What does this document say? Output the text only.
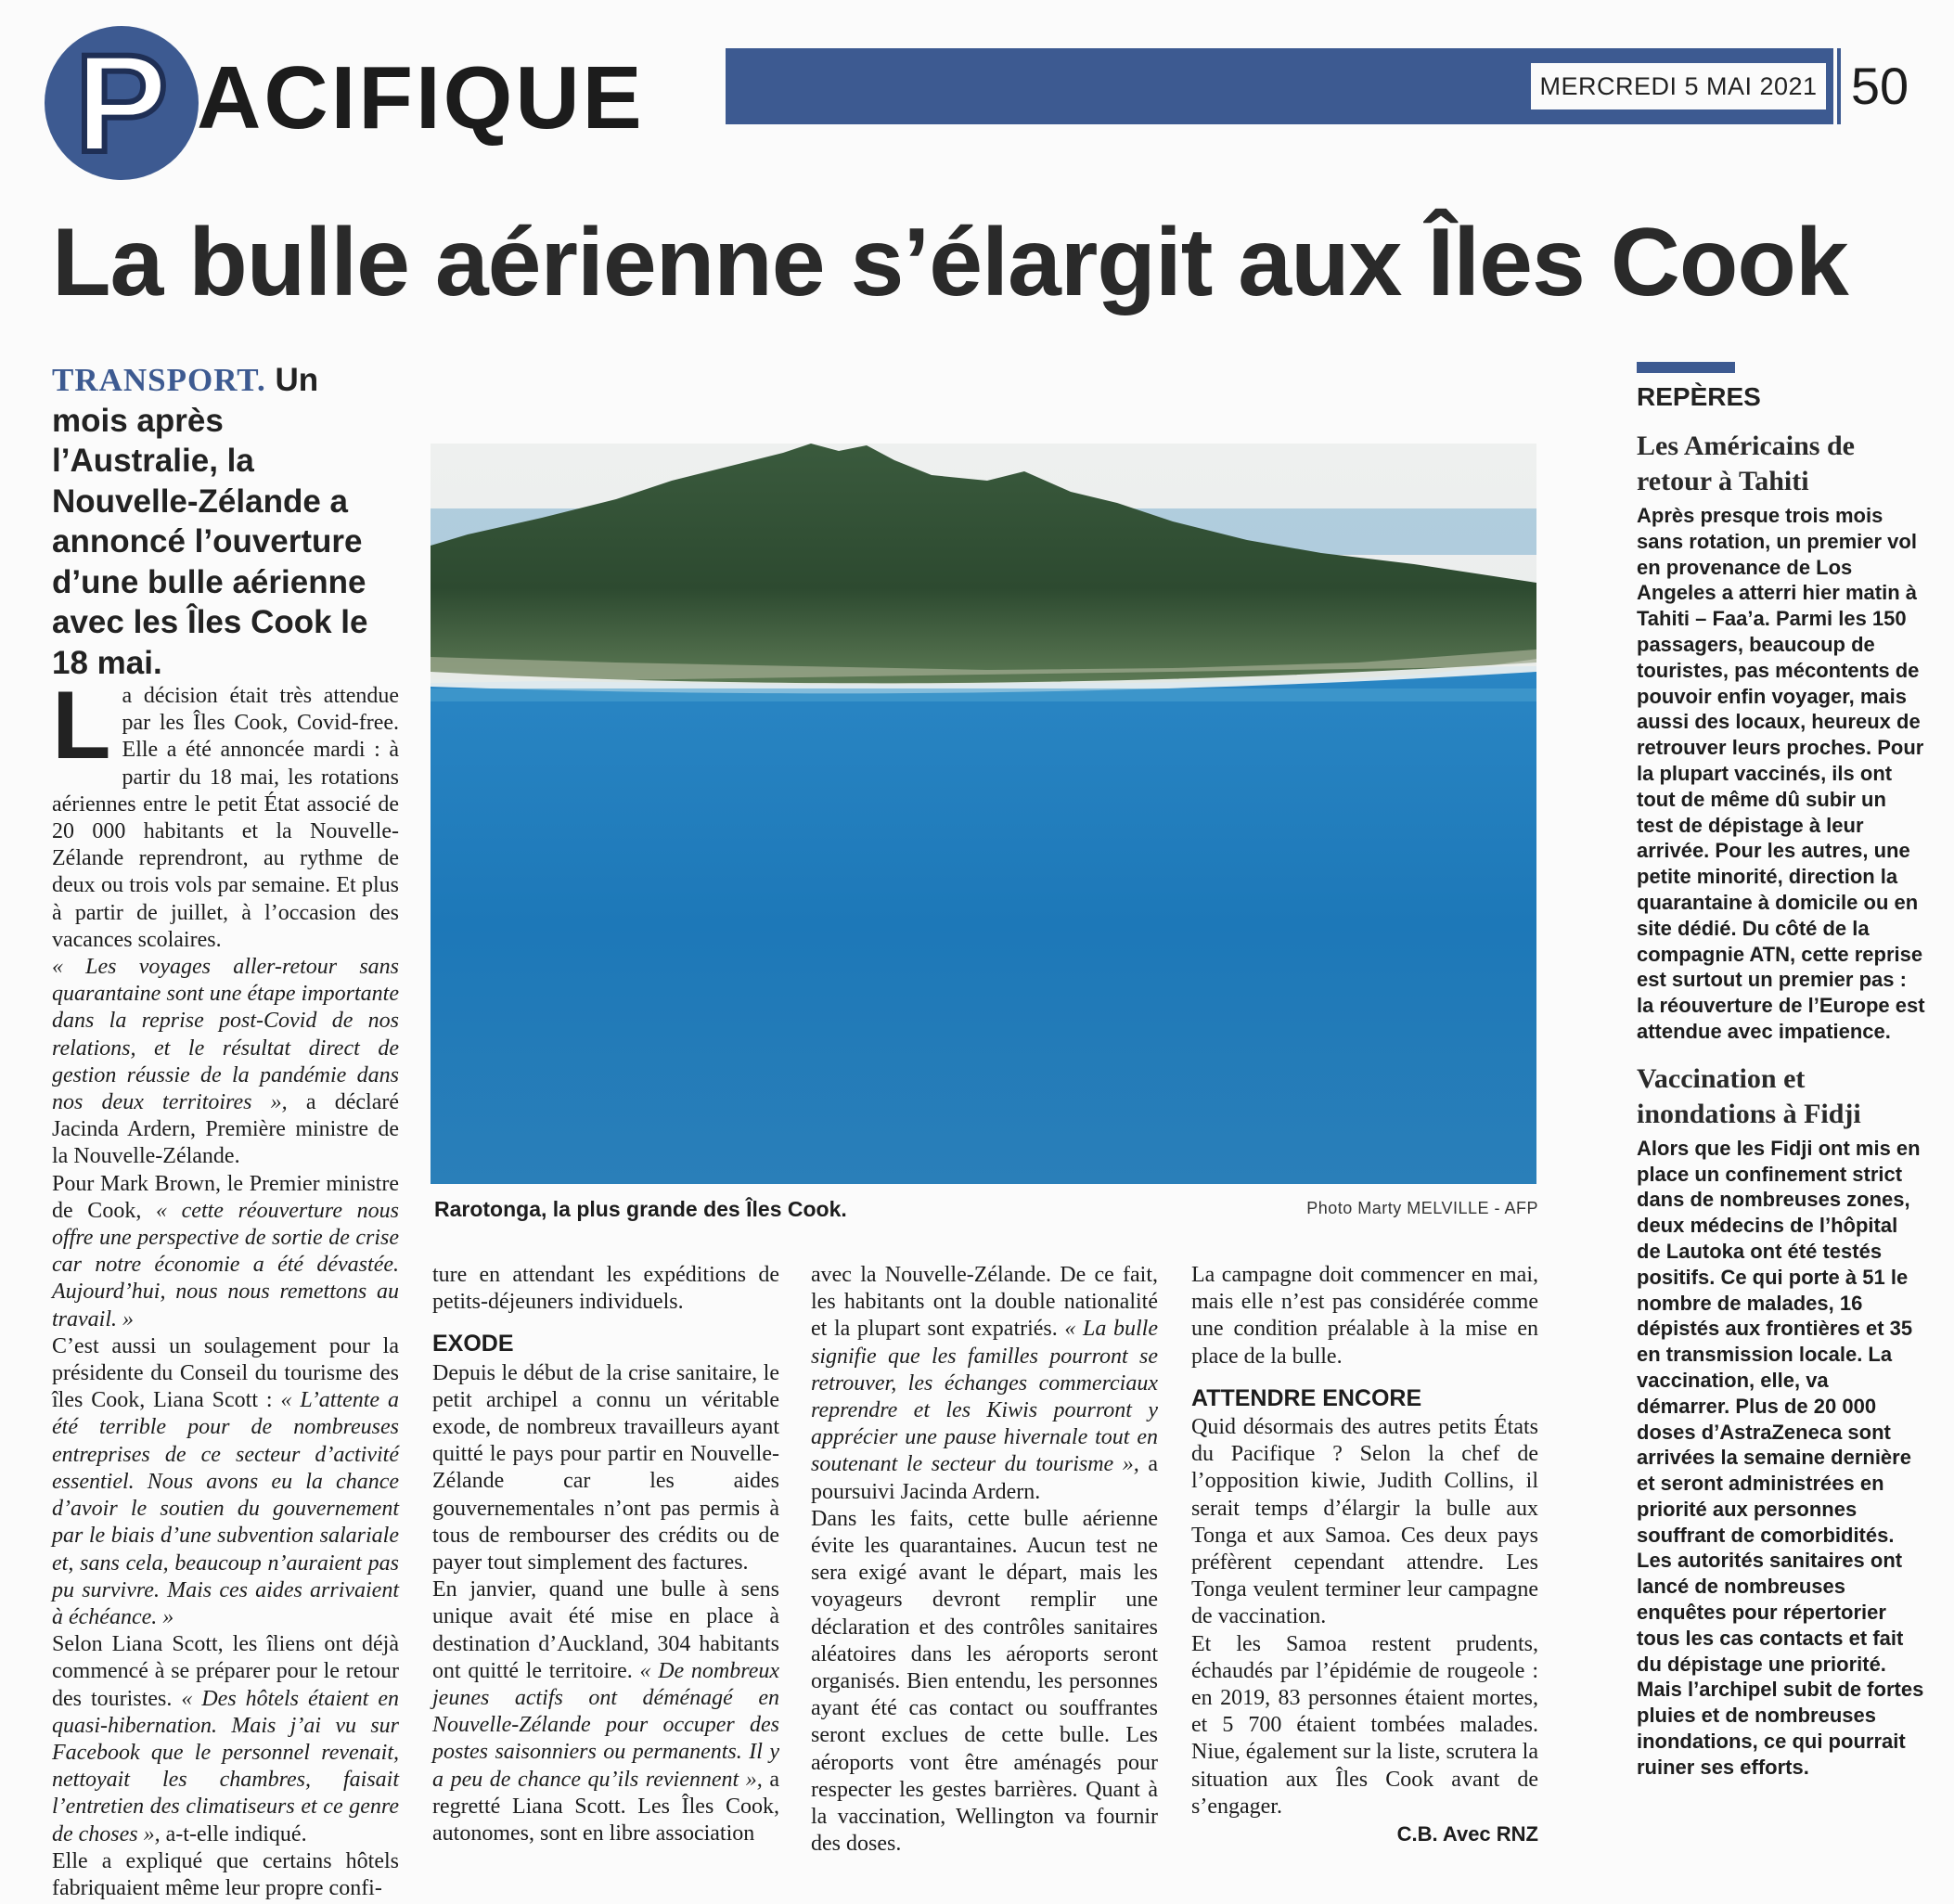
P ACIFIQUE	MERCREDI 5 MAI 2021 50
La bulle aérienne s’élargit aux Îles Cook
TRANSPORT. Un mois après l’Australie, la Nouvelle-Zélande a annoncé l’ouverture d’une bulle aérienne avec les Îles Cook le 18 mai.
Rarotonga, la plus grande des Îles Cook.	Photo Marty MELVILLE - AFP

La décision était très attendue par les Îles Cook, Covid-free. Elle a été annoncée mardi : à partir du 18 mai, les rotations aériennes entre le petit État associé de 20 000 habitants et la Nouvelle-Zélande reprendront, au rythme de deux ou trois vols par semaine. Et plus à partir de juillet, à l’occasion des vacances scolaires.

« Les voyages aller-retour sans quarantaine sont une étape importante dans la reprise post-Covid de nos relations, et le résultat direct de gestion réussie de la pandémie dans nos deux territoires », a déclaré Jacinda Ardern, Première ministre de la Nouvelle-Zélande.

Pour Mark Brown, le Premier ministre de Cook, « cette réouverture nous offre une perspective de sortie de crise car notre économie a été dévastée. Aujourd’hui, nous nous remettons au travail. »

C’est aussi un soulagement pour la présidente du Conseil du tourisme des îles Cook, Liana Scott : « L’attente a été terrible pour de nombreuses entreprises de ce secteur d’activité essentiel. Nous avons eu la chance d’avoir le soutien du gouvernement par le biais d’une subvention salariale et, sans cela, beaucoup n’auraient pas pu survivre. Mais ces aides arrivaient à échéance. »

Selon Liana Scott, les îliens ont déjà commencé à se préparer pour le retour des touristes. « Des hôtels étaient en quasi-hibernation. Mais j’ai vu sur Facebook que le personnel revenait, nettoyait les chambres, faisait l’entretien des climatiseurs et ce genre de choses », a-t-elle indiqué.

Elle a expliqué que certains hôtels fabriquaient même leur propre confi-

ture en attendant les expéditions de petits-déjeuners individuels.

EXODE

Depuis le début de la crise sanitaire, le petit archipel a connu un véritable exode, de nombreux travailleurs ayant quitté le pays pour partir en Nouvelle-Zélande car les aides gouvernementales n’ont pas permis à tous de rembourser des crédits ou de payer tout simplement des factures.

En janvier, quand une bulle à sens unique avait été mise en place à destination d’Auckland, 304 habitants ont quitté le territoire. « De nombreux jeunes actifs ont déménagé en Nouvelle-Zélande pour occuper des postes saisonniers ou permanents. Il y a peu de chance qu’ils reviennent », a regretté Liana Scott. Les Îles Cook, autonomes, sont en libre association

avec la Nouvelle-Zélande. De ce fait, les habitants ont la double nationalité et la plupart sont expatriés. « La bulle signifie que les familles pourront se retrouver, les échanges commerciaux reprendre et les Kiwis pourront y apprécier une pause hivernale tout en soutenant le secteur du tourisme », a poursuivi Jacinda Ardern.

Dans les faits, cette bulle aérienne évite les quarantaines. Aucun test ne sera exigé avant le départ, mais les voyageurs devront remplir une déclaration et des contrôles sanitaires aléatoires dans les aéroports seront organisés. Bien entendu, les personnes ayant été cas contact ou souffrantes seront exclues de cette bulle. Les aéroports vont être aménagés pour respecter les gestes barrières. Quant à la vaccination, Wellington va fournir des doses.

La campagne doit commencer en mai, mais elle n’est pas considérée comme une condition préalable à la mise en place de la bulle.

ATTENDRE ENCORE

Quid désormais des autres petits États du Pacifique ? Selon la chef de l’opposition kiwie, Judith Collins, il serait temps d’élargir la bulle aux Tonga et aux Samoa. Ces deux pays préfèrent cependant attendre. Les Tonga veulent terminer leur campagne de vaccination.

Et les Samoa restent prudents, échaudés par l’épidémie de rougeole : en 2019, 83 personnes étaient mortes, et 5 700 étaient tombées malades. Niue, également sur la liste, scrutera la situation aux Îles Cook avant de s’engager.

C.B. Avec RNZ

REPÈRES
Les Américains de retour à Tahiti

Après presque trois mois sans rotation, un premier vol en provenance de Los Angeles a atterri hier matin à Tahiti – Faa’a. Parmi les 150 passagers, beaucoup de touristes, pas mécontents de pouvoir enfin voyager, mais aussi des locaux, heureux de retrouver leurs proches. Pour la plupart vaccinés, ils ont tout de même dû subir un test de dépistage à leur arrivée. Pour les autres, une petite minorité, direction la quarantaine à domicile ou en site dédié. Du côté de la compagnie ATN, cette reprise est surtout un premier pas : la réouverture de l’Europe est attendue avec impatience.

Vaccination et inondations à Fidji

Alors que les Fidji ont mis en place un confinement strict dans de nombreuses zones, deux médecins de l’hôpital de Lautoka ont été testés positifs. Ce qui porte à 51 le nombre de malades, 16 dépistés aux frontières et 35 en transmission locale. La vaccination, elle, va démarrer. Plus de 20 000 doses d’AstraZeneca sont arrivées la semaine dernière et seront administrées en priorité aux personnes souffrant de comorbidités. Les autorités sanitaires ont lancé de nombreuses enquêtes pour répertorier tous les cas contacts et fait du dépistage une priorité. Mais l’archipel subit de fortes pluies et de nombreuses inondations, ce qui pourrait ruiner ses efforts.
